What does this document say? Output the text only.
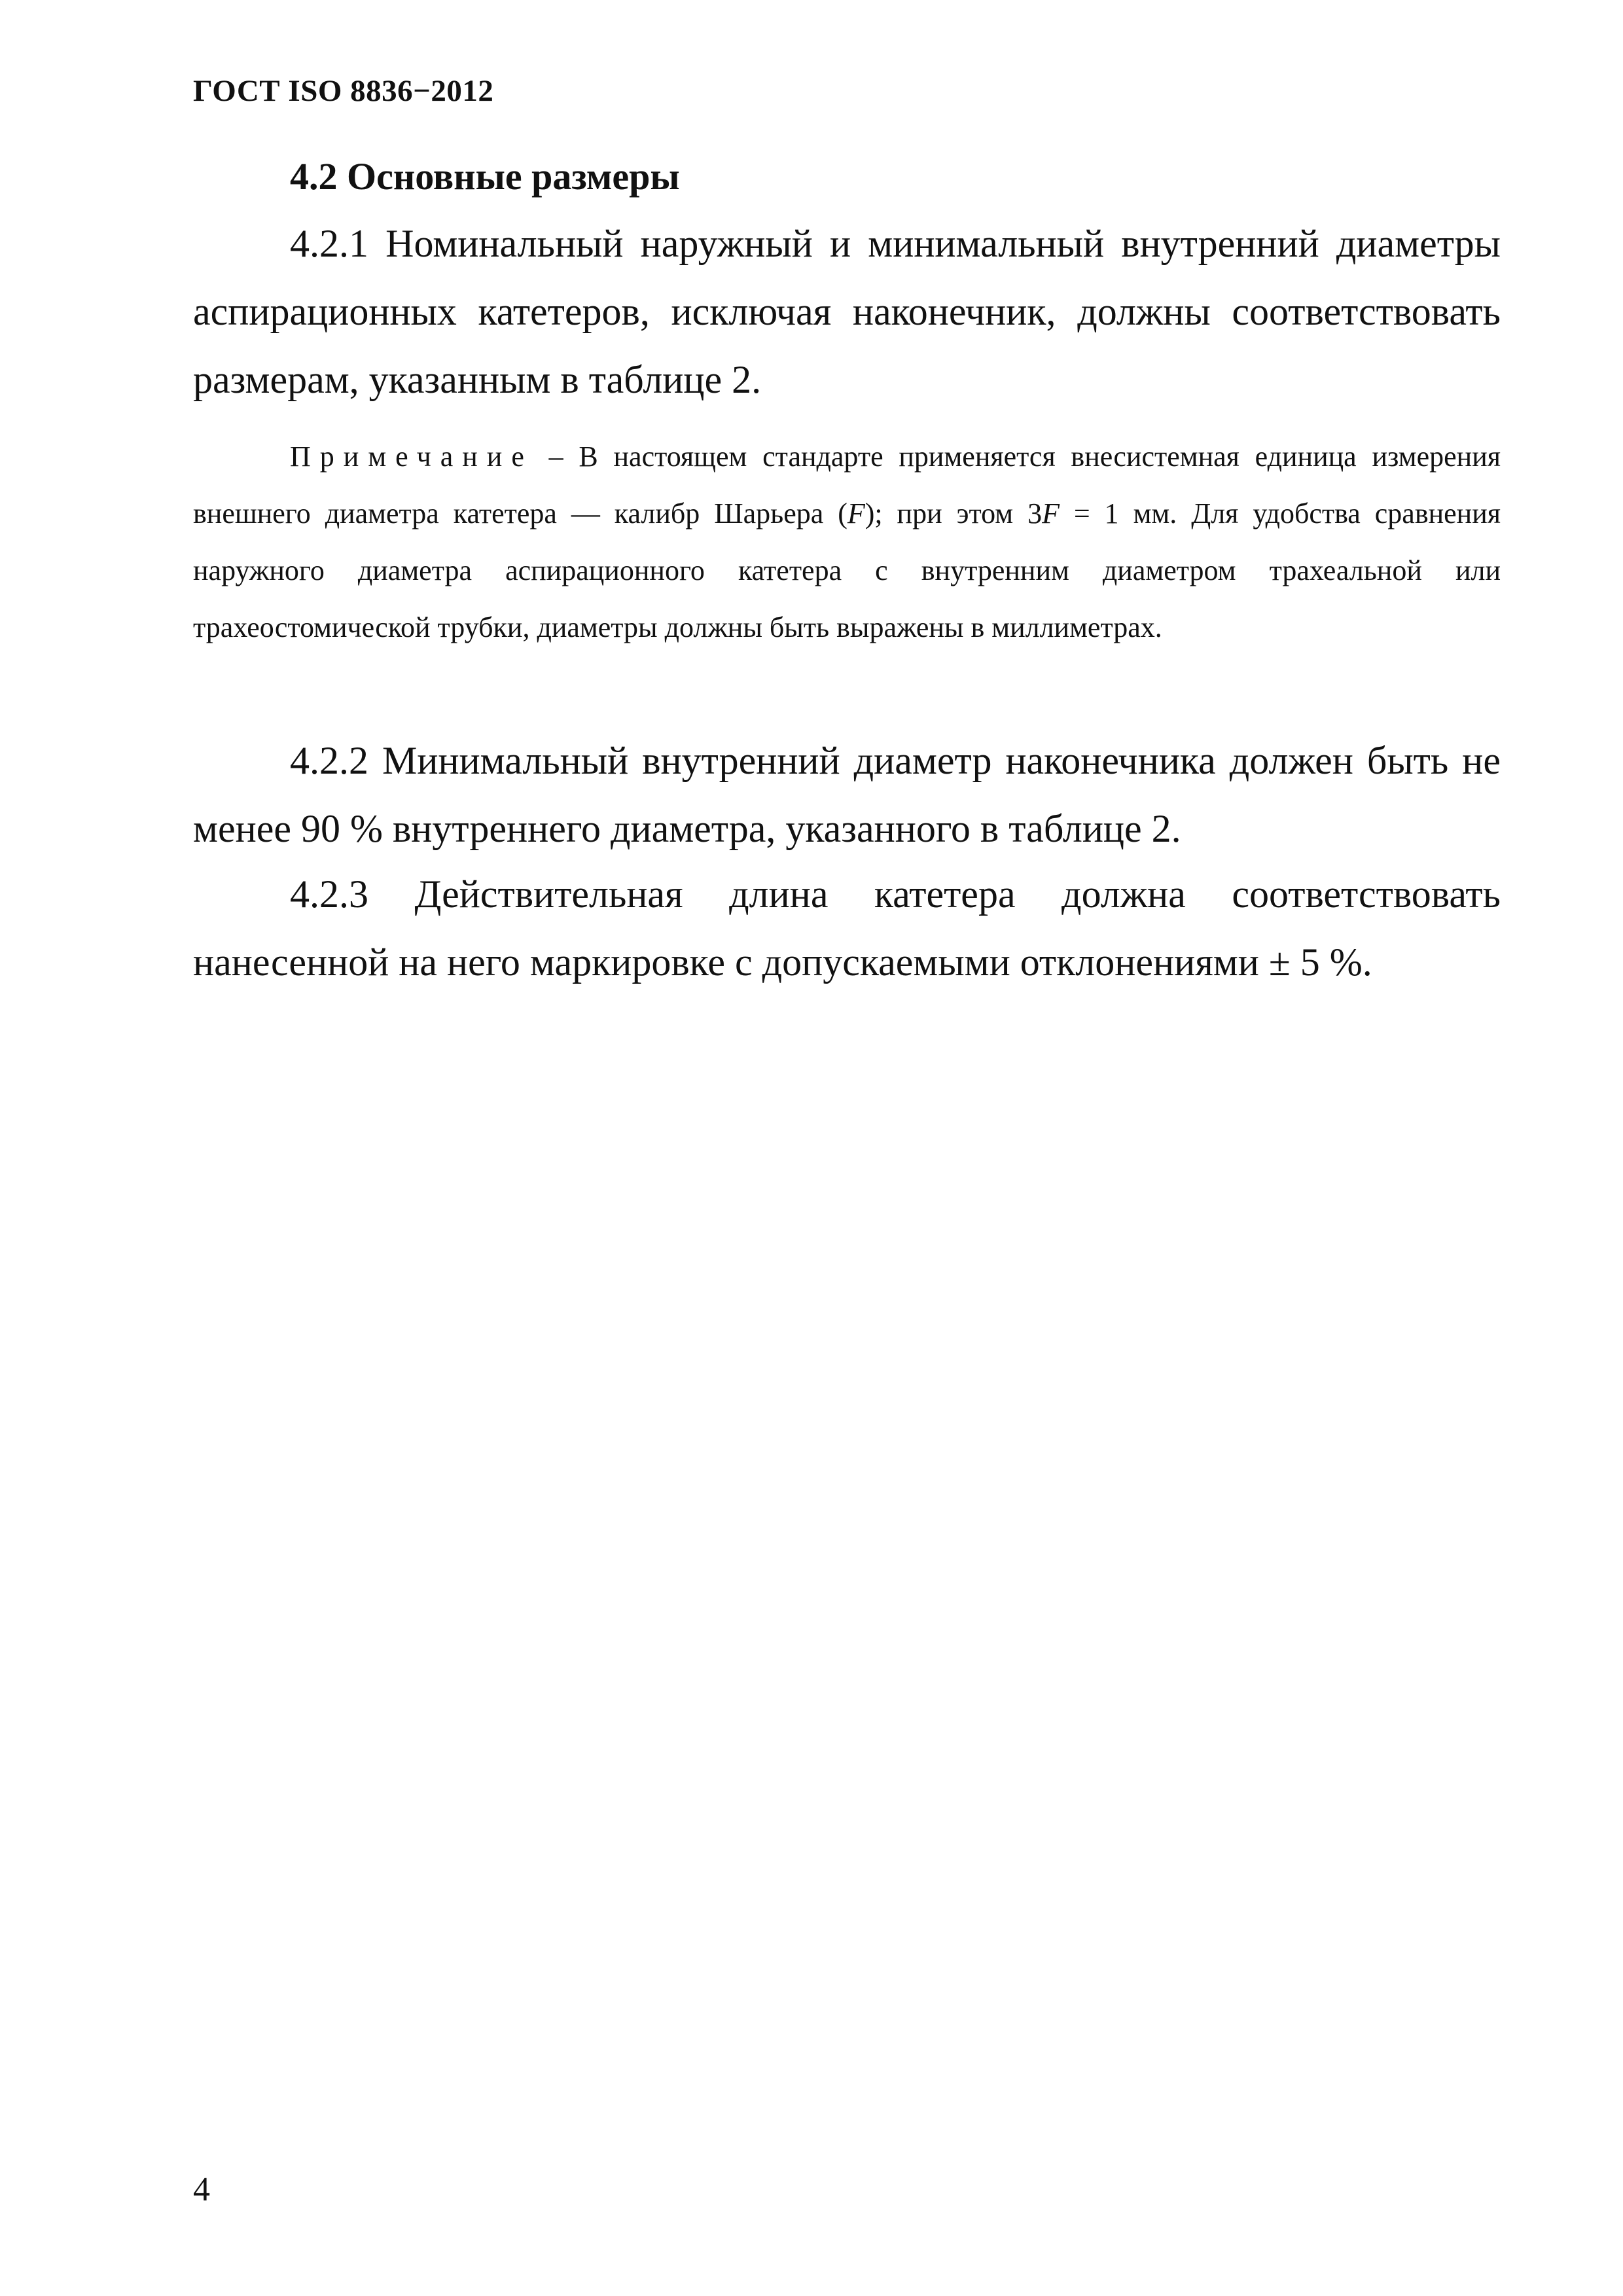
ГОСТ ISO 8836−2012
4.2 Основные размеры

4.2.1 Номинальный наружный и минимальный внутренний диаметры аспирационных катетеров, исключая наконечник, должны соответствовать размерам, указанным в таблице 2.

Примечание – В настоящем стандарте применяется внесистемная единица измерения внешнего диаметра катетера — калибр Шарьера (F); при этом 3F = 1 мм. Для удобства сравнения наружного диаметра аспирационного катетера с внутренним диаметром трахеальной или трахеостомической трубки, диаметры должны быть выражены в миллиметрах.

4.2.2 Минимальный внутренний диаметр наконечника должен быть не менее 90 % внутреннего диаметра, указанного в таблице 2.

4.2.3 Действительная длина катетера должна соответствовать нанесенной на него маркировке с допускаемыми отклонениями ± 5 %.

4
